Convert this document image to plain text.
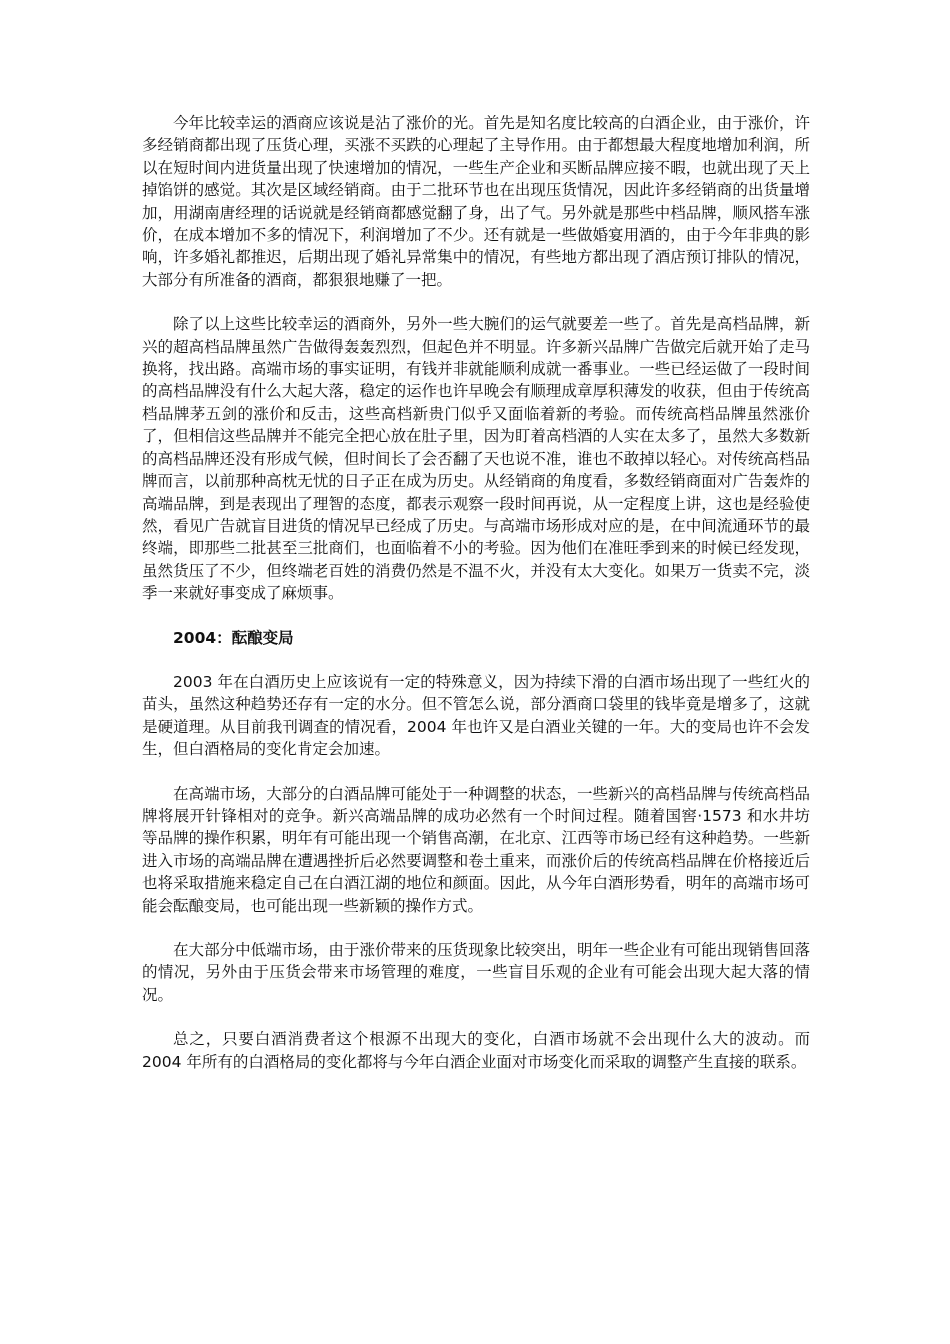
今年比较幸运的酒商应该说是沾了涨价的光。首先是知名度比较高的白酒企业，由于涨价，许多经销商都出现了压货心理，买涨不买跌的心理起了主导作用。由于都想最大程度地增加利润，所以在短时间内进货量出现了快速增加的情况，一些生产企业和买断品牌应接不暇，也就出现了天上掉馅饼的感觉。其次是区域经销商。由于二批环节也在出现压货情况，因此许多经销商的出货量增加，用湖南唐经理的话说就是经销商都感觉翻了身，出了气。另外就是那些中档品牌，顺风搭车涨价，在成本增加不多的情况下，利润增加了不少。还有就是一些做婚宴用酒的，由于今年非典的影响，许多婚礼都推迟，后期出现了婚礼异常集中的情况，有些地方都出现了酒店预订排队的情况，大部分有所准备的酒商，都狠狠地赚了一把。

除了以上这些比较幸运的酒商外，另外一些大腕们的运气就要差一些了。首先是高档品牌，新兴的超高档品牌虽然广告做得轰轰烈烈，但起色并不明显。许多新兴品牌广告做完后就开始了走马换将，找出路。高端市场的事实证明，有钱并非就能顺利成就一番事业。一些已经运做了一段时间的高档品牌没有什么大起大落，稳定的运作也许早晚会有顺理成章厚积薄发的收获，但由于传统高档品牌茅五剑的涨价和反击，这些高档新贵门似乎又面临着新的考验。而传统高档品牌虽然涨价了，但相信这些品牌并不能完全把心放在肚子里，因为盯着高档酒的人实在太多了，虽然大多数新的高档品牌还没有形成气候，但时间长了会否翻了天也说不准，谁也不敢掉以轻心。对传统高档品牌而言，以前那种高枕无忧的日子正在成为历史。从经销商的角度看，多数经销商面对广告轰炸的高端品牌，到是表现出了理智的态度，都表示观察一段时间再说，从一定程度上讲，这也是经验使然，看见广告就盲目进货的情况早已经成了历史。与高端市场形成对应的是，在中间流通环节的最终端，即那些二批甚至三批商们，也面临着不小的考验。因为他们在准旺季到来的时候已经发现，虽然货压了不少，但终端老百姓的消费仍然是不温不火，并没有太大变化。如果万一货卖不完，淡季一来就好事变成了麻烦事。

2004：酝酿变局

2003 年在白酒历史上应该说有一定的特殊意义，因为持续下滑的白酒市场出现了一些红火的苗头，虽然这种趋势还存有一定的水分。但不管怎么说，部分酒商口袋里的钱毕竟是增多了，这就是硬道理。从目前我刊调查的情况看，2004 年也许又是白酒业关键的一年。大的变局也许不会发生，但白酒格局的变化肯定会加速。

在高端市场，大部分的白酒品牌可能处于一种调整的状态，一些新兴的高档品牌与传统高档品牌将展开针锋相对的竞争。新兴高端品牌的成功必然有一个时间过程。随着国窖·1573 和水井坊等品牌的操作积累，明年有可能出现一个销售高潮，在北京、江西等市场已经有这种趋势。一些新进入市场的高端品牌在遭遇挫折后必然要调整和卷土重来，而涨价后的传统高档品牌在价格接近后也将采取措施来稳定自己在白酒江湖的地位和颜面。因此，从今年白酒形势看，明年的高端市场可能会酝酿变局，也可能出现一些新颖的操作方式。

在大部分中低端市场，由于涨价带来的压货现象比较突出，明年一些企业有可能出现销售回落的情况，另外由于压货会带来市场管理的难度，一些盲目乐观的企业有可能会出现大起大落的情况。

总之，只要白酒消费者这个根源不出现大的变化，白酒市场就不会出现什么大的波动。而 2004 年所有的白酒格局的变化都将与今年白酒企业面对市场变化而采取的调整产生直接的联系。
